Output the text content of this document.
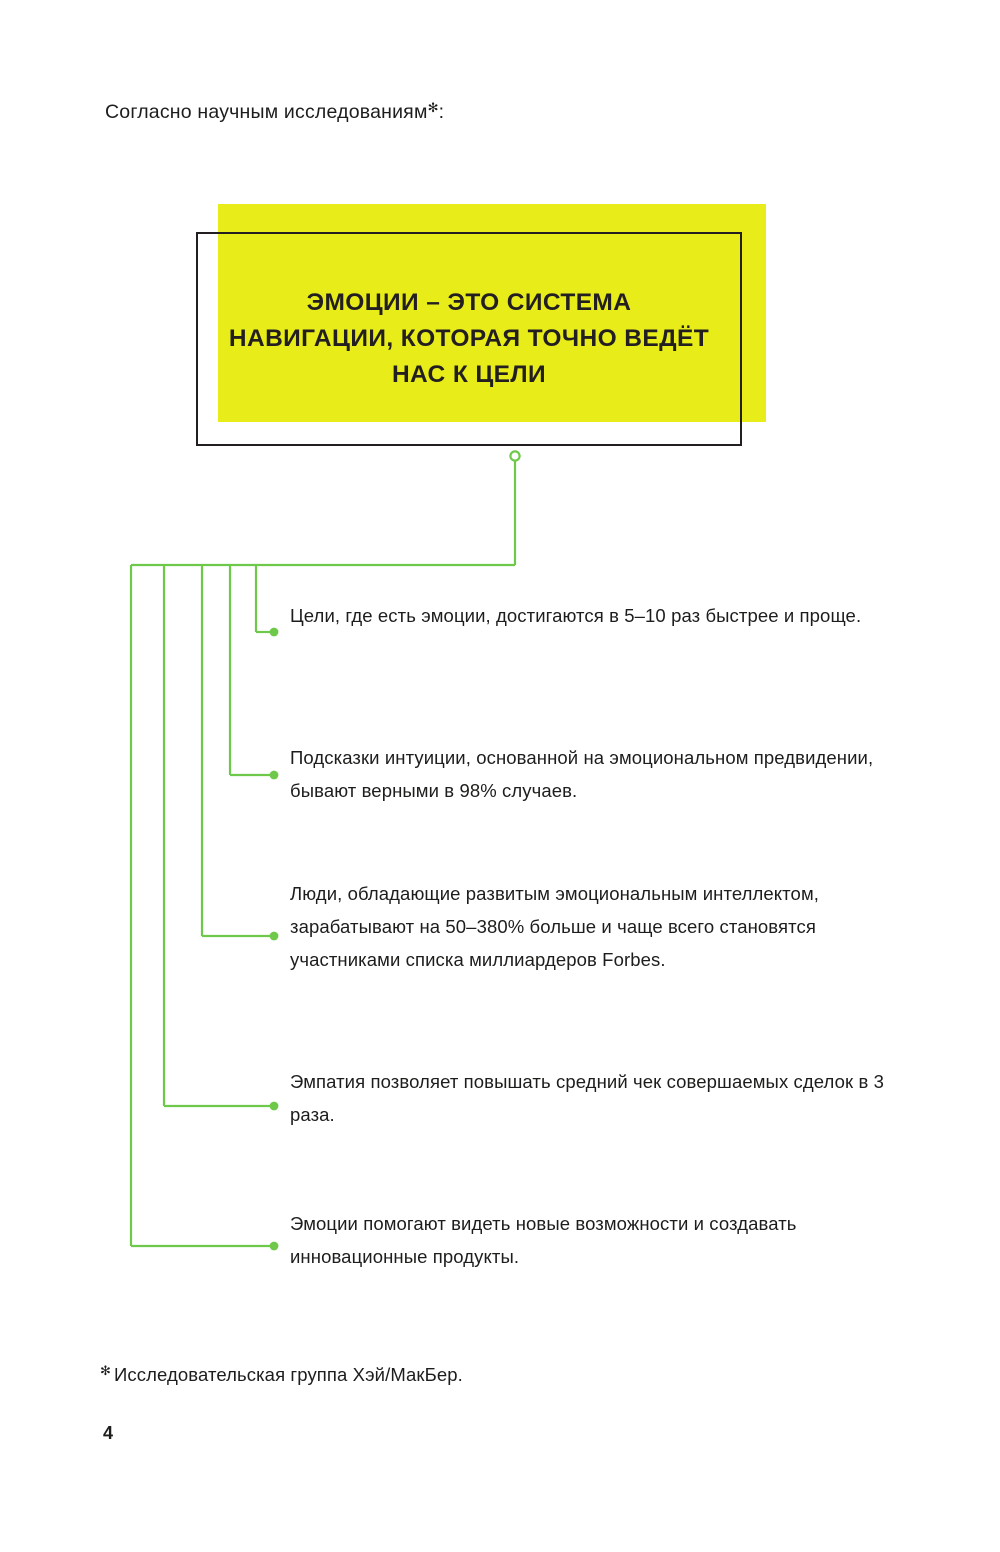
Согласно научным исследованиям✻:
ЭМОЦИИ – ЭТО СИСТЕМА НАВИГАЦИИ, КОТОРАЯ ТОЧНО ВЕДЁТ НАС К ЦЕЛИ
Цели, где есть эмоции, достигаются в 5–10 раз быстрее и проще.
Подсказки интуиции, основанной на эмоциональном предвидении, бывают верными в 98% случаев.
Люди, обладающие развитым эмоциональным интеллектом, зарабатывают на 50–380% больше и чаще всего становятся участниками списка миллиардеров Forbes.
Эмпатия позволяет повышать средний чек совершаемых сделок в 3 раза.
Эмоции помогают видеть новые возможности и создавать инновационные продукты.
✻ Исследовательская группа Хэй/МакБер.
4
